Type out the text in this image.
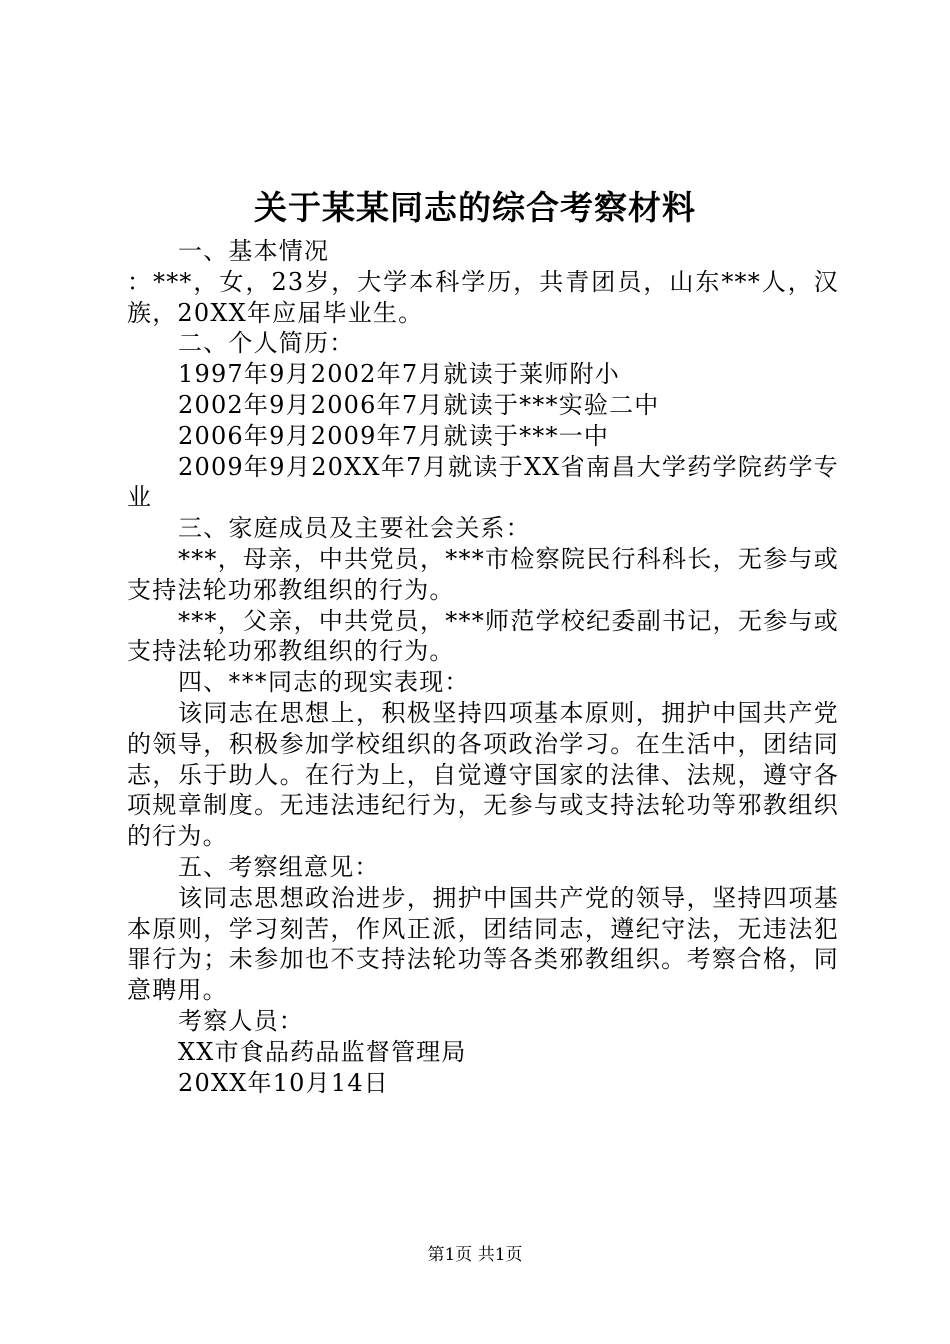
关于某某同志的综合考察材料
一、基本情况
：***，女，23岁，大学本科学历，共青团员，山东***人，汉族，20XX年应届毕业生。
二、个人简历：
1997年9月2002年7月就读于莱师附小
2002年9月2006年7月就读于***实验二中
2006年9月2009年7月就读于***一中
2009年9月20XX年7月就读于XX省南昌大学药学院药学专业
三、家庭成员及主要社会关系：
***，母亲，中共党员，***市检察院民行科科长，无参与或支持法轮功邪教组织的行为。
***，父亲，中共党员，***师范学校纪委副书记，无参与或支持法轮功邪教组织的行为。
四、***同志的现实表现：
该同志在思想上，积极坚持四项基本原则，拥护中国共产党的领导，积极参加学校组织的各项政治学习。在生活中，团结同志，乐于助人。在行为上，自觉遵守国家的法律、法规，遵守各项规章制度。无违法违纪行为，无参与或支持法轮功等邪教组织的行为。
五、考察组意见：
该同志思想政治进步，拥护中国共产党的领导，坚持四项基本原则，学习刻苦，作风正派，团结同志，遵纪守法，无违法犯罪行为；未参加也不支持法轮功等各类邪教组织。考察合格，同意聘用。
考察人员：
XX市食品药品监督管理局
20XX年10月14日
第1页 共1页
